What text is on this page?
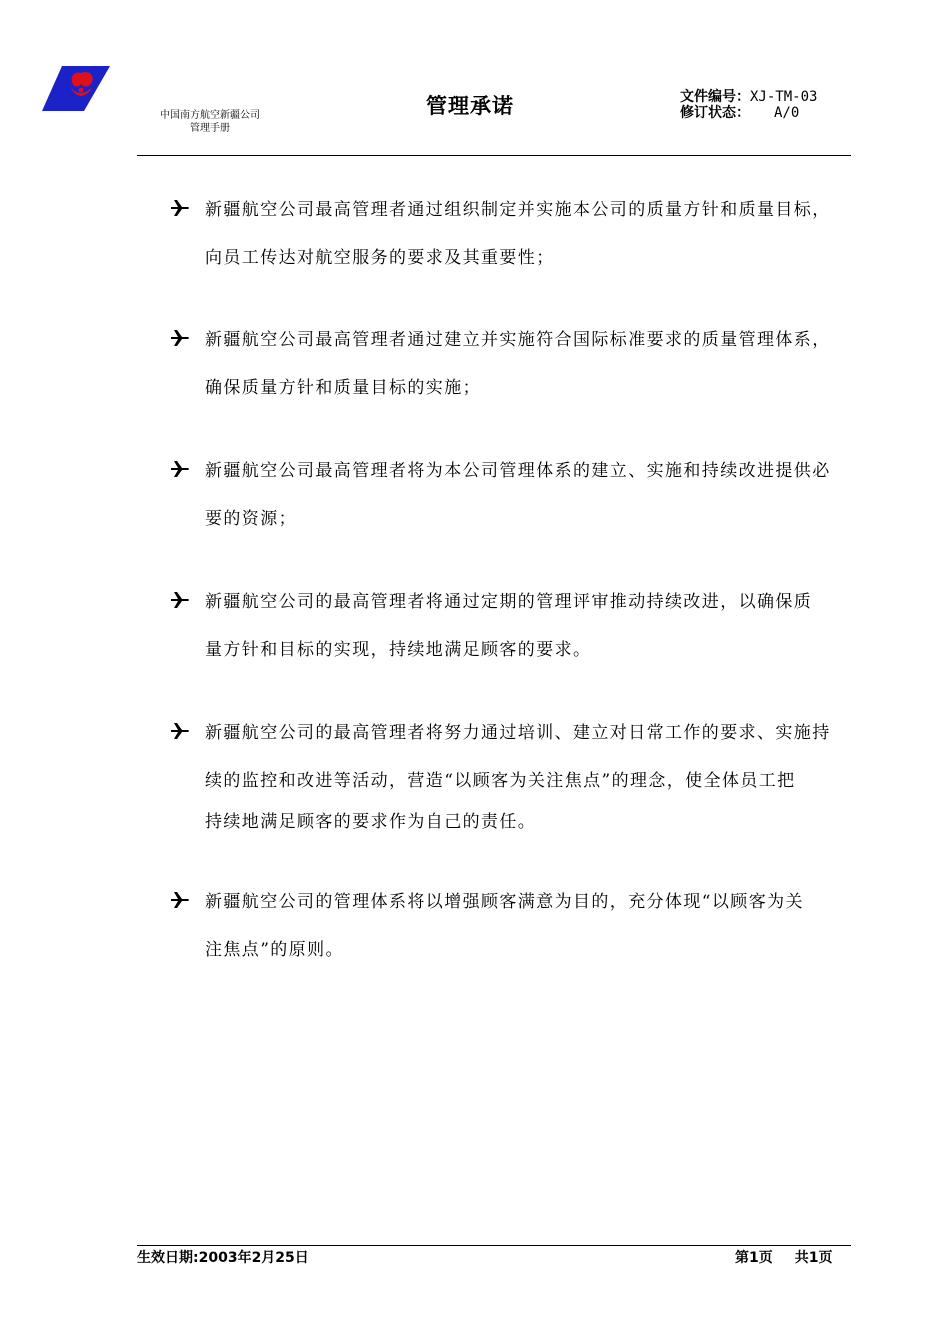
中国南方航空新疆公司
管理手册
管理承诺	文件编号：XJ-TM-03
修订状态： A/0

新疆航空公司最高管理者通过组织制定并实施本公司的质量方针和质量目标，

向员工传达对航空服务的要求及其重要性；

新疆航空公司最高管理者通过建立并实施符合国际标准要求的质量管理体系，

确保质量方针和质量目标的实施；

新疆航空公司最高管理者将为本公司管理体系的建立、实施和持续改进提供必

要的资源；

新疆航空公司的最高管理者将通过定期的管理评审推动持续改进，以确保质

量方针和目标的实现，持续地满足顾客的要求。

新疆航空公司的最高管理者将努力通过培训、建立对日常工作的要求、实施持

续的监控和改进等活动，营造“以顾客为关注焦点”的理念，使全体员工把

持续地满足顾客的要求作为自己的责任。

新疆航空公司的管理体系将以增强顾客满意为目的，充分体现“以顾客为关

注焦点”的原则。

生效日期:2003年2月25日	第1页 共1页
